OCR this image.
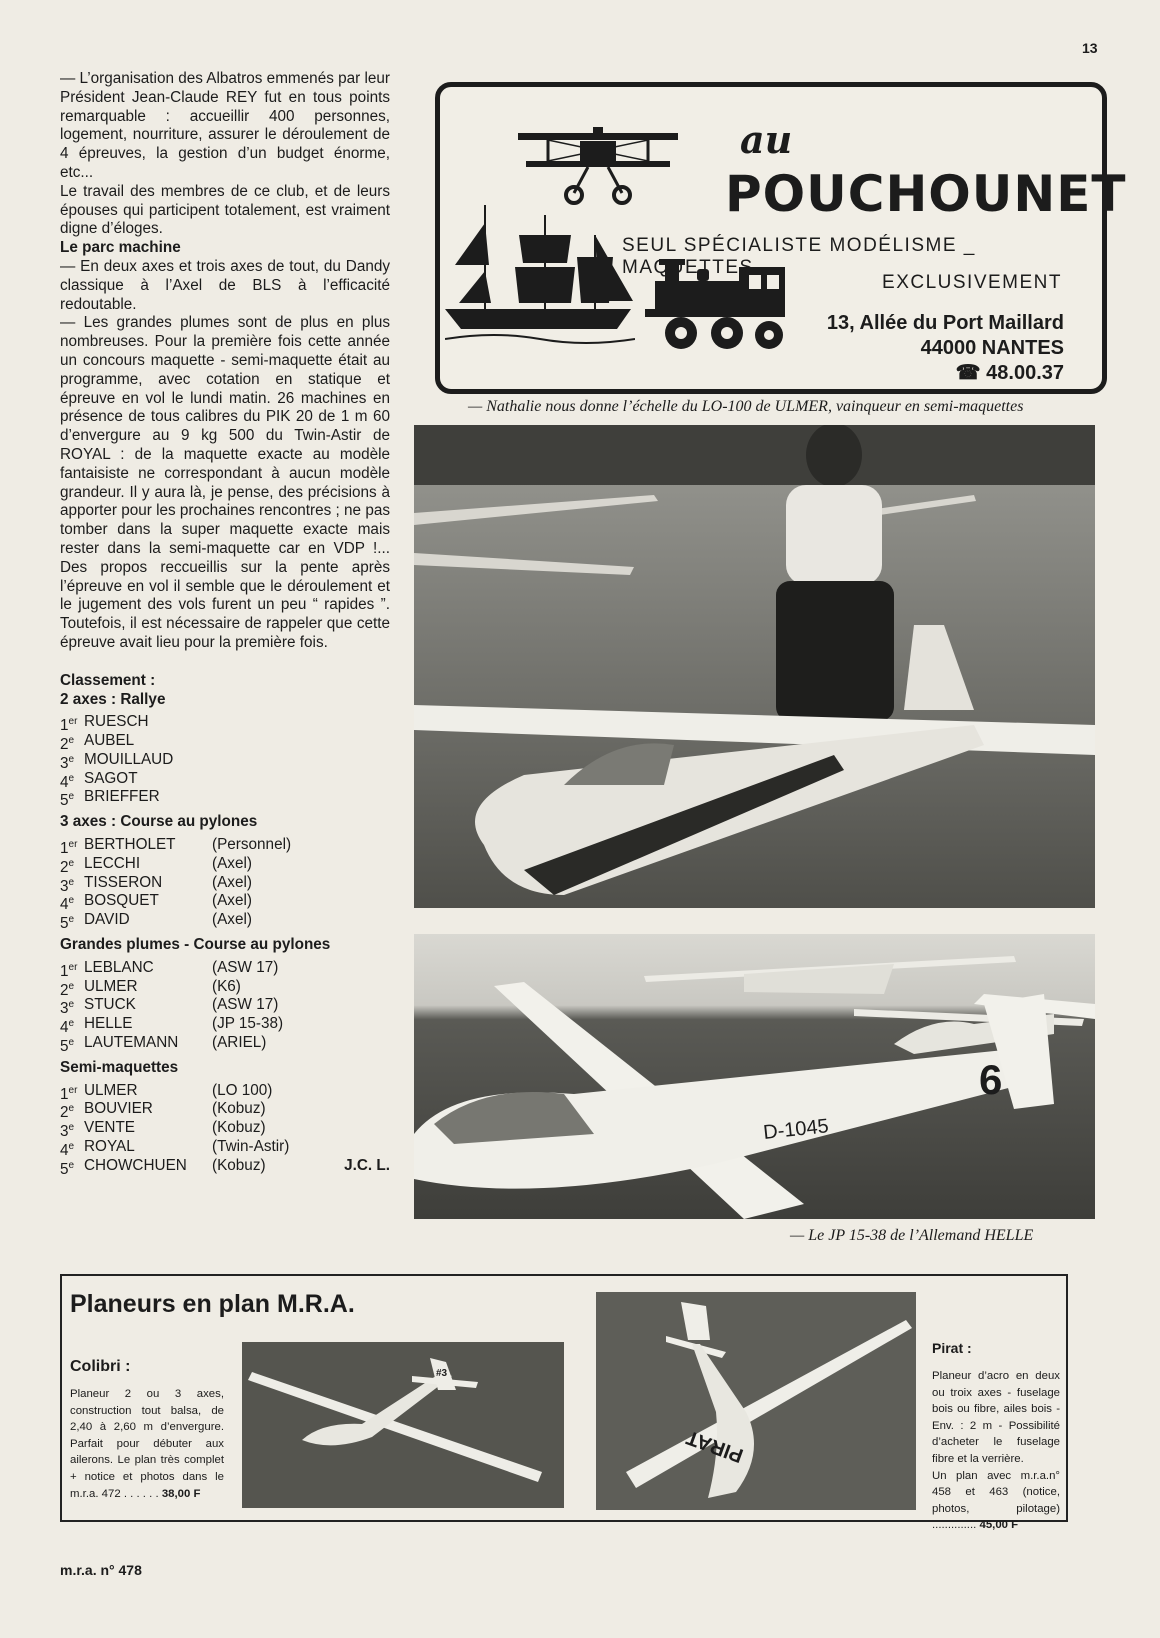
13

— L’organisation des Albatros emmenés par leur Président Jean-Claude REY fut en tous points remarquable : accueillir 400 personnes, logement, nourriture, assurer le déroulement de 4 épreuves, la gestion d’un budget énorme, etc...

Le travail des membres de ce club, et de leurs épouses qui participent totalement, est vraiment digne d’éloges.

Le parc machine

— En deux axes et trois axes de tout, du Dandy classique à l’Axel de BLS à l’efficacité redoutable.

— Les grandes plumes sont de plus en plus nombreuses. Pour la première fois cette année un concours maquette - semi-maquette était au programme, avec cotation en statique et épreuve en vol le lundi matin. 26 machines en présence de tous calibres du PIK 20 de 1 m 60 d’envergure au 9 kg 500 du Twin-Astir de ROYAL : de la maquette exacte au modèle fantaisiste ne correspondant à aucun modèle grandeur. Il y aura là, je pense, des précisions à apporter pour les prochaines rencontres ; ne pas tomber dans la super maquette exacte mais rester dans la semi-maquette car en VDP !... Des propos reccueillis sur la pente après l’épreuve en vol il semble que le déroulement et le jugement des vols furent un peu “ rapides ”. Toutefois, il est nécessaire de rappeler que cette épreuve avait lieu pour la première fois.

Classement :

2 axes : Rallye

1er RUESCH
2e AUBEL
3e MOUILLAUD
4e SAGOT
5e BRIEFFER

3 axes : Course au pylones

1er BERTHOLET	(Personnel)
2e LECCHI	(Axel)
3e TISSERON	(Axel)
4e BOSQUET	(Axel)
5e DAVID	(Axel)

Grandes plumes - Course au pylones

1er LEBLANC	(ASW 17)
2e ULMER	(K6)
3e STUCK	(ASW 17)
4e HELLE	(JP 15-38)
5e LAUTEMANN	(ARIEL)

Semi-maquettes

1er ULMER	(LO 100)
2e BOUVIER	(Kobuz)
3e VENTE	(Kobuz)
4e ROYAL	(Twin-Astir)
5e CHOWCHUEN	(Kobuz)	J.C. L.
au
POUCHOUNET
SEUL SPÉCIALISTE MODÉLISME _ MAQUETTES
EXCLUSIVEMENT
13, Allée du Port Maillard
44000 NANTES
☎ 48.00.37
— Nathalie nous donne l’échelle du LO-100 de ULMER, vainqueur en semi-maquettes
6
D-1045
— Le JP 15-38 de l’Allemand HELLE
Planeurs en plan M.R.A.
Colibri :
Planeur 2 ou 3 axes, construction tout balsa, de 2,40 à 2,60 m d’envergure. Parfait pour débuter aux ailerons. Le plan très complet + notice et photos dans le m.r.a. 472 . . . . . . 38,00 F
#3
PIRAT
Pirat :
Planeur d’acro en deux ou troix axes - fuselage bois ou fibre, ailes bois - Env. : 2 m - Possibilité d’acheter le fuselage fibre et la verrière.
Un plan avec m.r.a.n° 458 et 463 (notice, photos, pilotage) .............. 45,00 F
m.r.a. n° 478
